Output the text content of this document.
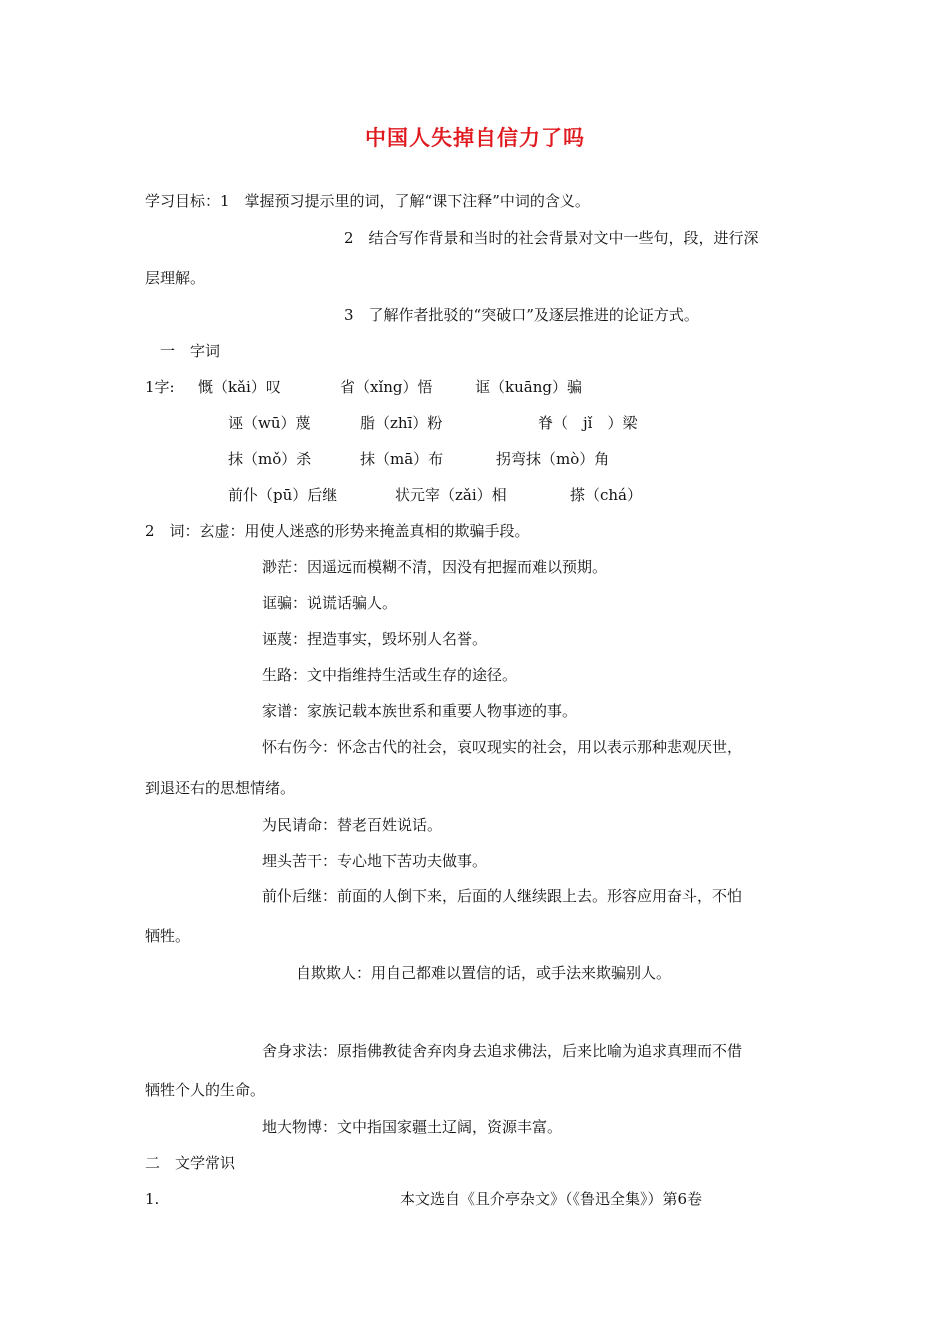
中国人失掉自信力了吗
学习目标：1　掌握预习提示里的词，了解“课下注释”中词的含义。
2　结合写作背景和当时的社会背景对文中一些句，段，进行深
层理解。
3　了解作者批驳的“突破口”及逐层推进的论证方式。
一　字词
1字: 慨（kǎi）叹	省（xǐng）悟	诓（kuāng）骗
诬（wū）蔑	脂（zhī）粉	脊（　jǐ　）梁
抹（mǒ）杀	抹（mā）布	拐弯抹（mò）角
前仆（pū）后继	状元宰（zǎi）相	搽（chá）
2　词：玄虚：用使人迷惑的形势来掩盖真相的欺骗手段。
渺茫：因遥远而模糊不清，因没有把握而难以预期。
诓骗：说谎话骗人。
诬蔑：捏造事实，毁坏别人名誉。
生路：文中指维持生活或生存的途径。
家谱：家族记载本族世系和重要人物事迹的事。
怀右伤今：怀念古代的社会，哀叹现实的社会，用以表示那种悲观厌世，
到退还右的思想情绪。
为民请命：替老百姓说话。
埋头苦干：专心地下苦功夫做事。
前仆后继：前面的人倒下来，后面的人继续跟上去。形容应用奋斗，不怕
牺牲。
自欺欺人：用自己都难以置信的话，或手法来欺骗别人。
舍身求法：原指佛教徒舍弃肉身去追求佛法，后来比喻为追求真理而不借
牺牲个人的生命。
地大物博：文中指国家疆土辽阔，资源丰富。
二　文学常识
1.	本文选自《且介亭杂文》（《鲁迅全集》）第6卷
